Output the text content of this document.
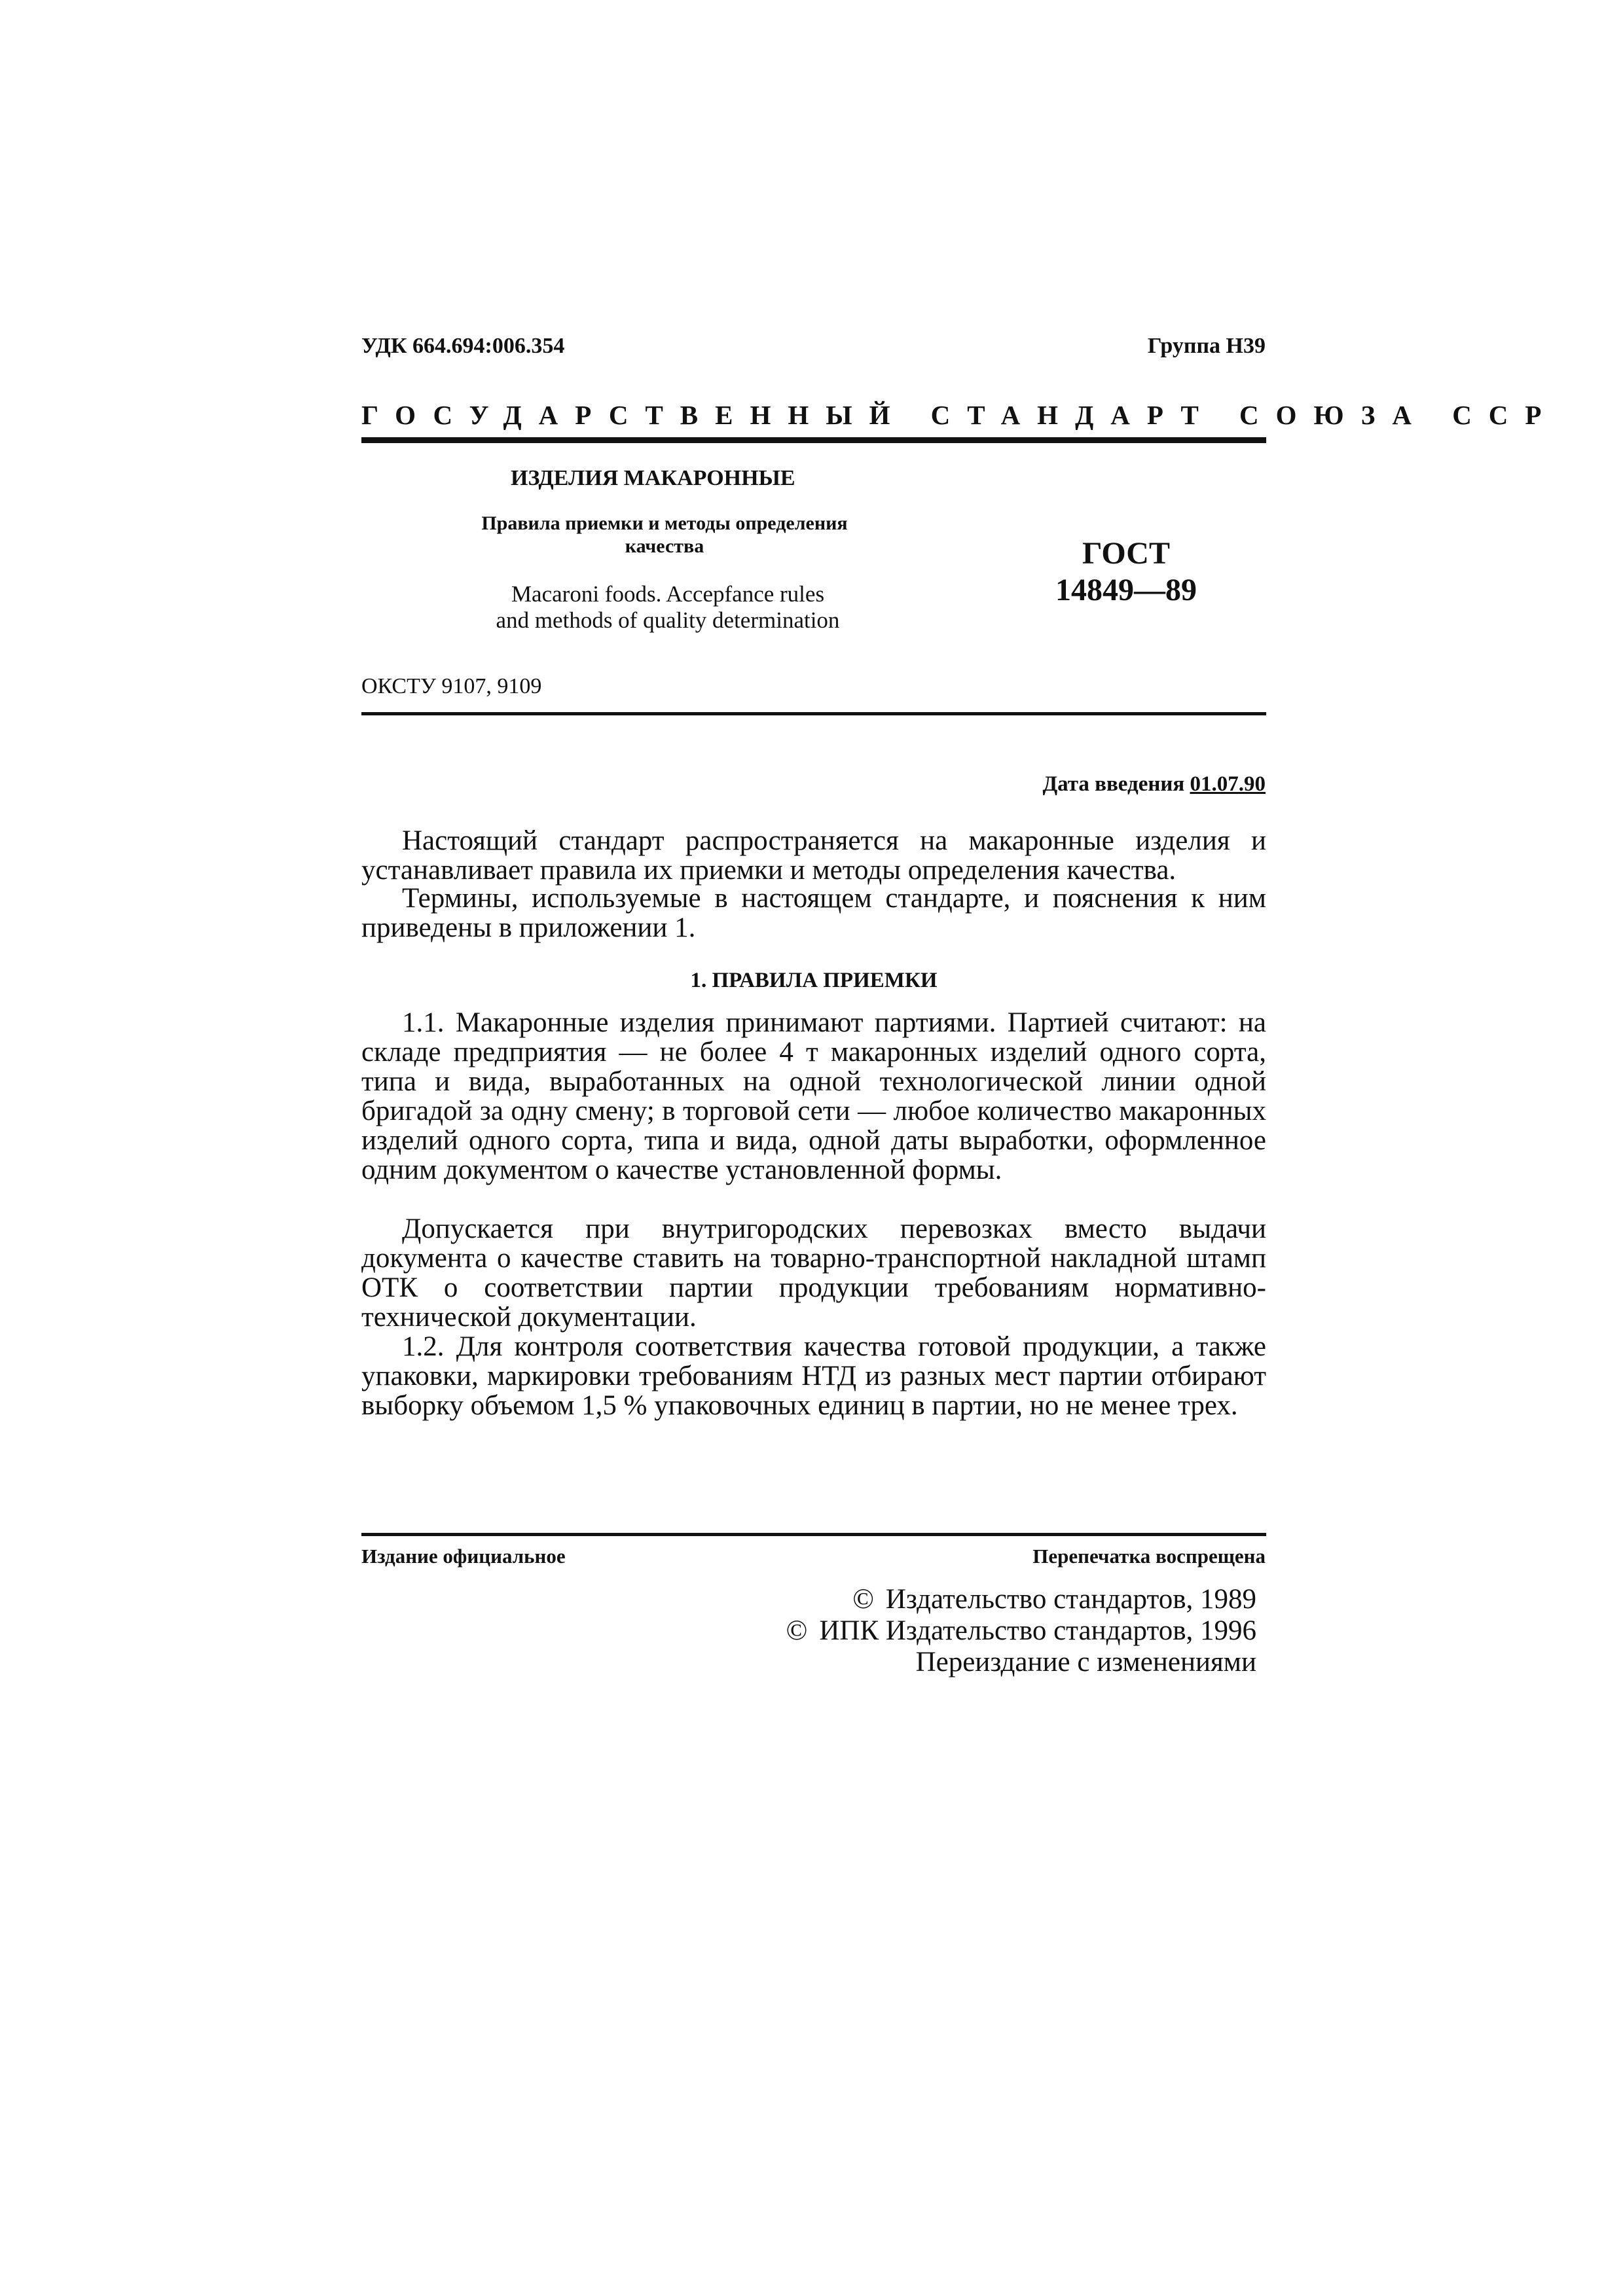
УДК 664.694:006.354	Группа Н39
ГОСУДАРСТВЕННЫЙ СТАНДАРТ СОЮЗА ССР
ИЗДЕЛИЯ МАКАРОННЫЕ
Правила приемки и методы определения
качества
Macaroni foods. Accepfance rules
and methods of quality determination
ГОСТ
14849—89
ОКСТУ 9107, 9109
Дата введения 01.07.90

Настоящий стандарт распространяется на макаронные изделия и устанавливает правила их приемки и методы определения качества.

Термины, используемые в настоящем стандарте, и пояснения к ним приведены в приложении 1.

1. ПРАВИЛА ПРИЕМКИ

1.1. Макаронные изделия принимают партиями. Партией считают: на складе предприятия — не более 4 т макаронных изделий одного сорта, типа и вида, выработанных на одной технологической линии одной бригадой за одну смену; в торговой сети — любое количество макаронных изделий одного сорта, типа и вида, одной даты выработки, оформленное одним документом о качестве установленной формы.

Допускается при внутригородских перевозках вместо выдачи документа о качестве ставить на товарно-транспортной накладной штамп ОТК о соответствии партии продукции требованиям нормативно-технической документации.

1.2. Для контроля соответствия качества готовой продукции, а также упаковки, маркировки требованиям НТД из разных мест партии отбирают выборку объемом 1,5 % упаковочных единиц в партии, но не менее трех.

Издание официальное	Перепечатка воспрещена
© Издательство стандартов, 1989
© ИПК Издательство стандартов, 1996
Переиздание с изменениями
